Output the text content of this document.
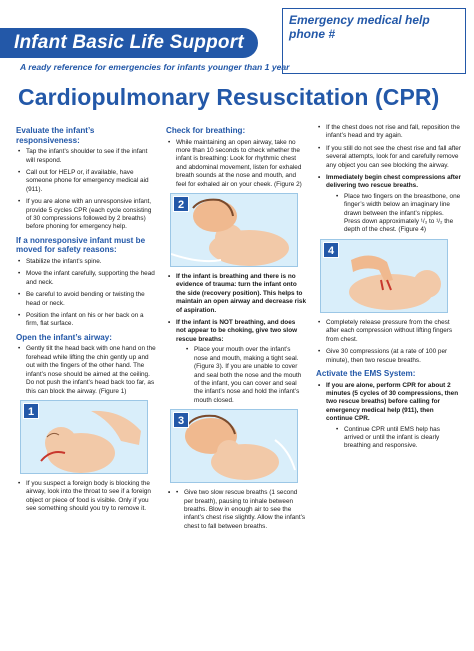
Infant Basic Life Support
Emergency medical help phone #
A ready reference for emergencies for infants younger than 1 year
Cardiopulmonary Resuscitation (CPR)
Evaluate the infant’s responsiveness:
• Tap the infant’s shoulder to see if the infant will respond.
• Call out for HELP or, if available, have someone phone for emergency medical aid (911).
• If you are alone with an unresponsive infant, provide 5 cycles CPR (each cycle consisting of 30 compressions followed by 2 breaths) before phoning for emergency help.
If a nonresponsive infant must be moved for safety reasons:
• Stabilize the infant’s spine.
• Move the infant carefully, supporting the head and neck.
• Be careful to avoid bending or twisting the head or neck.
• Position the infant on his or her back on a firm, flat surface.
Open the infant’s airway:
• Gently tilt the head back with one hand on the forehead while lifting the chin gently up and out with the fingers of the other hand. The infant’s nose should be aimed at the ceiling. Do not push the infant’s head back too far, as this can block the airway. (Figure 1)
1
• If you suspect a foreign body is blocking the airway, look into the throat to see if a foreign object or piece of food is visible. Only if you see something should you try to remove it.
Check for breathing:
• While maintaining an open airway, take no more than 10 seconds to check whether the infant is breathing: Look for rhythmic chest and abdominal movement, listen for exhaled breath sounds at the nose and mouth, and feel for exhaled air on your cheek. (Figure 2)
2
• If the infant is breathing and there is no evidence of trauma: turn the infant onto the side (recovery position). This helps to maintain an open airway and decrease risk of aspiration.
• If the infant is NOT breathing, and does not appear to be choking, give two slow rescue breaths:
• Place your mouth over the infant’s nose and mouth, making a tight seal. (Figure 3). If you are unable to cover and seal both the nose and the mouth of the infant, you can cover and seal the infant’s nose and hold the infant’s mouth closed.
3
• • Give two slow rescue breaths (1 second per breath), pausing to inhale between breaths. Blow in enough air to see the infant’s chest rise slightly. Allow the infant’s chest to fall between breaths.
• If the chest does not rise and fall, reposition the infant’s head and try again.
• If you still do not see the chest rise and fall after several attempts, look for and carefully remove any object you can see blocking the airway.
• Immediately begin chest compressions after delivering two rescue breaths.
• Place two fingers on the breastbone, one finger’s width below an imaginary line drawn between the infant’s nipples. Press down approximately ¹/₃ to ¹/₂ the depth of the chest. (Figure 4)
4
• Completely release pressure from the chest after each compression without lifting fingers from chest.
• Give 30 compressions (at a rate of 100 per minute), then two rescue breaths.
Activate the EMS System:
• If you are alone, perform CPR for about 2 minutes (5 cycles of 30 compressions, then two rescue breaths) before calling for emergency medical help (911), then continue CPR.
• Continue CPR until EMS help has arrived or until the infant is clearly breathing and responsive.
